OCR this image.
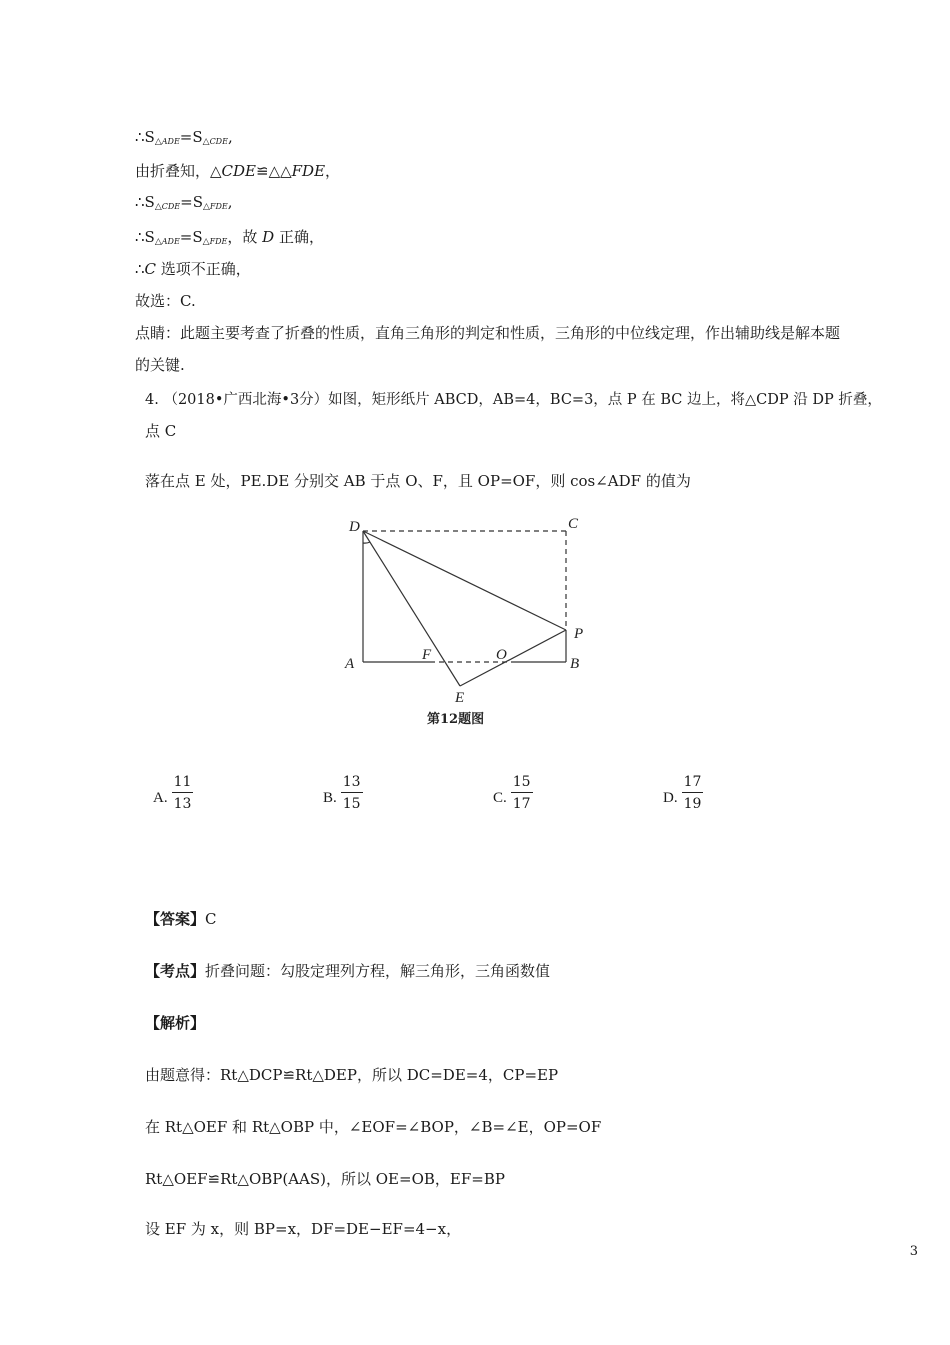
$\therefore S\triangle_{ADE}=S\triangle_{CDE}$,
由折叠知，△CDE≌△△FDE，
$\therefore S\triangle_{CDE}=S\triangle_{FDE}$,
$\therefore S\triangle_{ADE}=S\triangle_{FDE}$，故 D 正确，
∴C 选项不正确，
故选：C.
点睛：此题主要考查了折叠的性质，直角三角形的判定和性质，三角形的中位线定理，作出辅助线是解本题
的关键.
4. （2018•广西北海•3分）如图，矩形纸片 ABCD，AB=4，BC=3，点 P 在 BC 边上，将△CDP 沿 DP 折叠，
点 C
落在点 E 处，PE.DE 分别交 AB 于点 O、F，且 OP=OF，则 cos∠ADF 的值为
D	C
P
A
F	O
B
E
第12题图
A. $\frac{11}{13}$	B. $\frac{13}{15}$	C. $\frac{15}{17}$	D. $\frac{17}{19}$
【答案】C
【考点】折叠问题：勾股定理列方程，解三角形，三角函数值
【解析】
由题意得：Rt△DCP≌Rt△DEP，所以 DC=DE=4，CP=EP
在 Rt△OEF 和 Rt△OBP 中，∠EOF=∠BOP，∠B=∠E，OP=OF
Rt△OEF≌Rt△OBP(AAS)，所以 OE=OB，EF=BP
设 EF 为 x，则 BP=x，DF=DE−EF=4−x，
3
